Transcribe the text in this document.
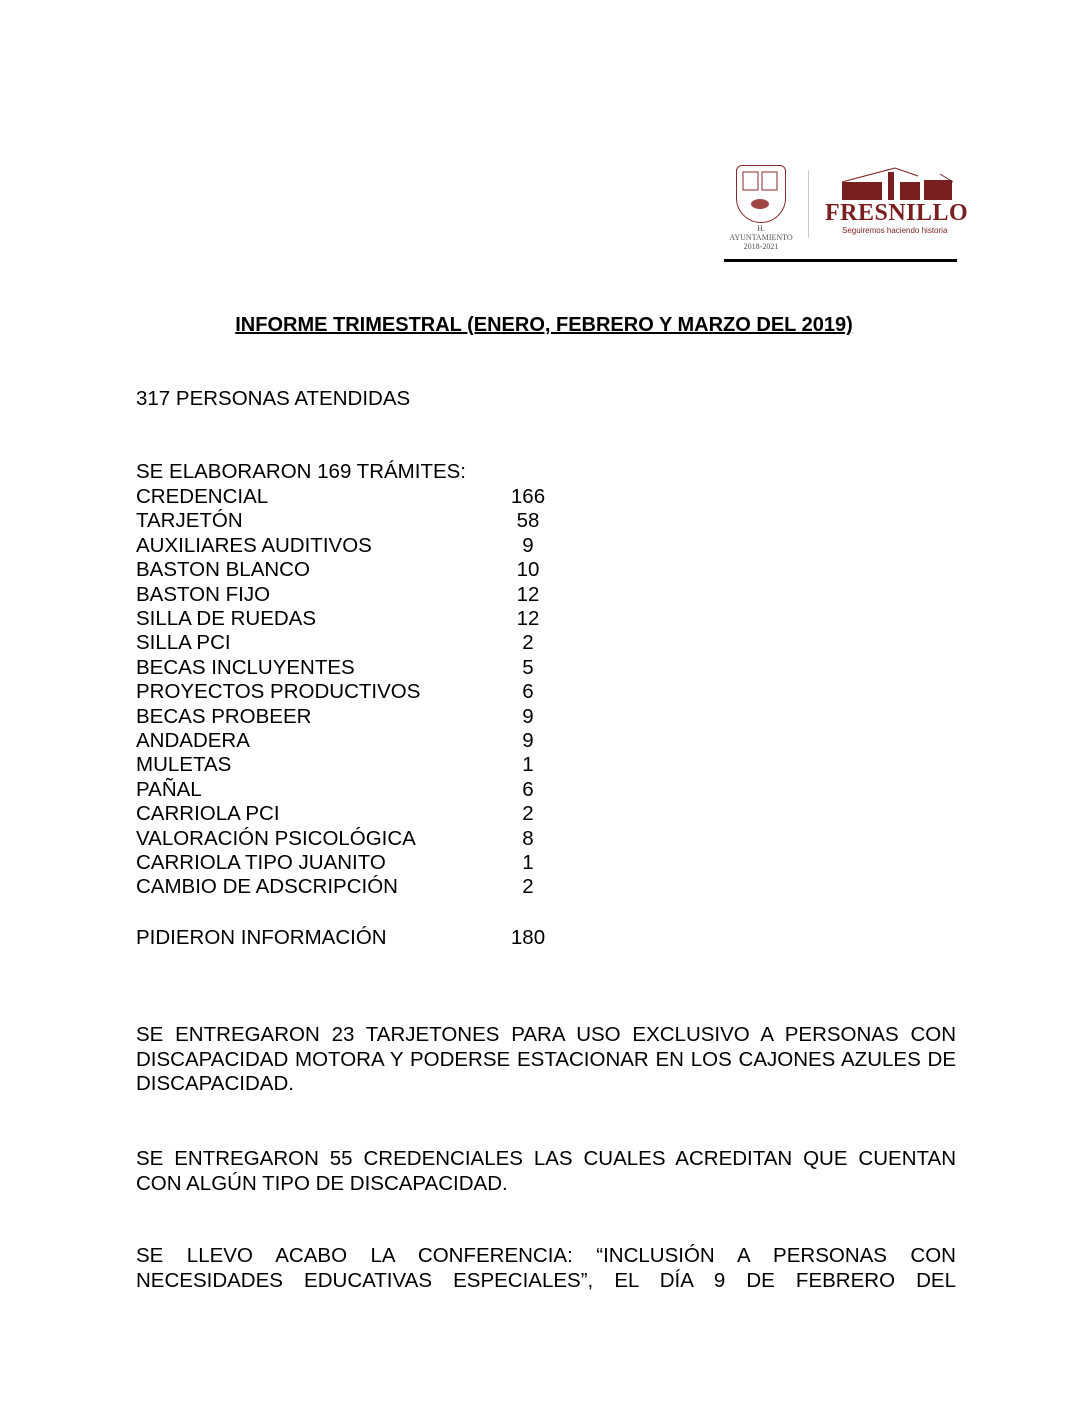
H. AYUNTAMIENTO
2018-2021
FRESNILLO
Seguiremos haciendo historia
INFORME TRIMESTRAL (ENERO, FEBRERO Y MARZO DEL 2019)
317 PERSONAS ATENDIDAS
SE ELABORARON 169 TRÁMITES:
CREDENCIAL	166
TARJETÓN	58
AUXILIARES AUDITIVOS	9
BASTON BLANCO	10
BASTON FIJO	12
SILLA DE RUEDAS	12
SILLA PCI	2
BECAS INCLUYENTES	5
PROYECTOS PRODUCTIVOS	6
BECAS PROBEER	9
ANDADERA	9
MULETAS	1
PAÑAL	6
CARRIOLA PCI	2
VALORACIÓN PSICOLÓGICA	8
CARRIOLA TIPO JUANITO	1
CAMBIO DE ADSCRIPCIÓN	2
PIDIERON INFORMACIÓN	180
SE ENTREGARON 23 TARJETONES PARA USO EXCLUSIVO A PERSONAS CON DISCAPACIDAD MOTORA Y PODERSE ESTACIONAR EN LOS CAJONES AZULES DE DISCAPACIDAD.
SE ENTREGARON 55 CREDENCIALES LAS CUALES ACREDITAN QUE CUENTAN CON ALGÚN TIPO DE DISCAPACIDAD.
SE LLEVO ACABO LA CONFERENCIA: “INCLUSIÓN A PERSONAS CON NECESIDADES EDUCATIVAS ESPECIALES”, EL DÍA 9 DE FEBRERO DEL
